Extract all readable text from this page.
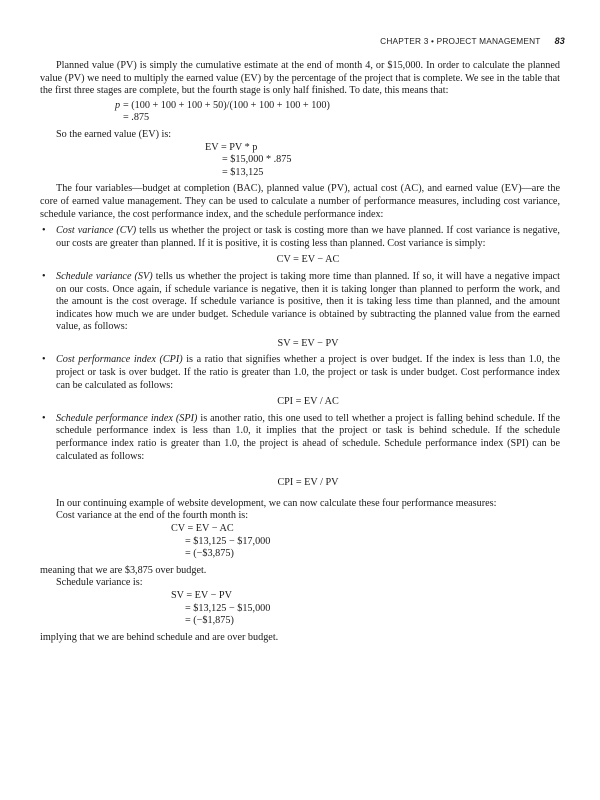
CHAPTER 3 • PROJECT MANAGEMENT 83

Planned value (PV) is simply the cumulative estimate at the end of month 4, or $15,000. In order to calculate the planned value (PV) we need to multiply the earned value (EV) by the percentage of the project that is complete. We see in the table that the first three stages are complete, but the fourth stage is only half finished. To date, this means that:

p = (100 + 100 + 100 + 50)/(100 + 100 + 100 + 100)
= .875

So the earned value (EV) is:

EV = PV * p
= $15,000 * .875
= $13,125

The four variables—budget at completion (BAC), planned value (PV), actual cost (AC), and earned value (EV)—are the core of earned value management. They can be used to calculate a number of performance measures, including cost variance, schedule variance, the cost performance index, and the schedule performance index:

• Cost variance (CV) tells us whether the project or task is costing more than we have planned. If cost variance is negative, our costs are greater than planned. If it is positive, it is costing less than planned. Cost variance is simply:
CV = EV − AC
• Schedule variance (SV) tells us whether the project is taking more time than planned. If so, it will have a negative impact on our costs. Once again, if schedule variance is negative, then it is taking longer than planned to perform the work, and the amount is the cost overage. If schedule variance is positive, then it is taking less time than planned, and the amount indicates how much we are under budget. Schedule variance is obtained by subtracting the planned value from the earned value, as follows:
SV = EV − PV
• Cost performance index (CPI) is a ratio that signifies whether a project is over budget. If the index is less than 1.0, the project or task is over budget. If the ratio is greater than 1.0, the project or task is under budget. Cost performance index can be calculated as follows:
CPI = EV / AC
• Schedule performance index (SPI) is another ratio, this one used to tell whether a project is falling behind schedule. If the schedule performance index is less than 1.0, it implies that the project or task is behind schedule. If the schedule performance index ratio is greater than 1.0, the project is ahead of schedule. Schedule performance index (SPI) can be calculated as follows:
CPI = EV / PV

In our continuing example of website development, we can now calculate these four performance measures:

Cost variance at the end of the fourth month is:

CV = EV − AC
= $13,125 − $17,000
= (−$3,875)

meaning that we are $3,875 over budget.

Schedule variance is:

SV = EV − PV
= $13,125 − $15,000
= (−$1,875)

implying that we are behind schedule and are over budget.
